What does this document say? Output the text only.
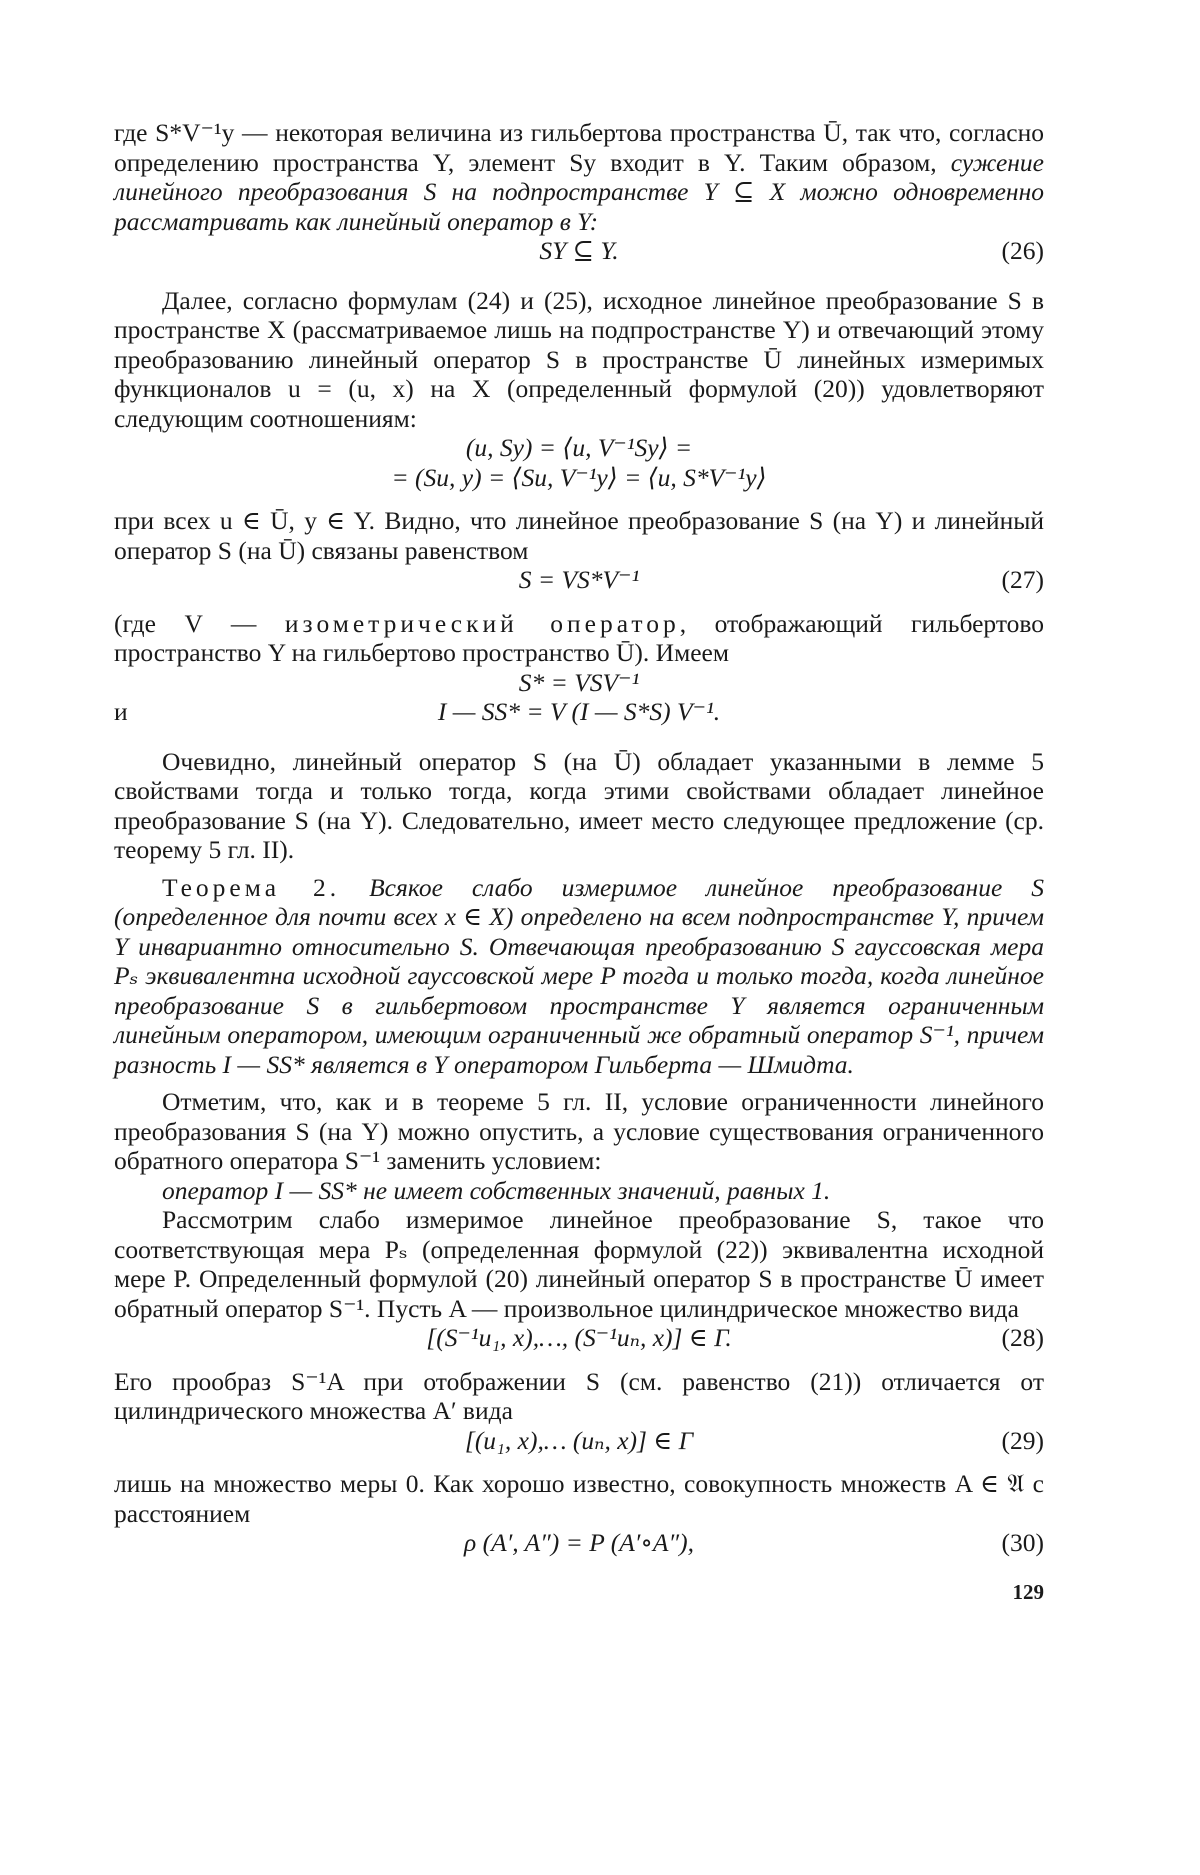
где S*V⁻¹y — некоторая величина из гильбертова пространства Ū, так что, согласно определению пространства Y, элемент Sy входит в Y. Таким образом, сужение линейного преобразования S на подпространстве Y ⊆ X можно одновременно рассматривать как линейный оператор в Y:

SY ⊆ Y.	(26)

Далее, согласно формулам (24) и (25), исходное линейное преобразование S в пространстве X (рассматриваемое лишь на подпространстве Y) и отвечающий этому преобразованию линейный оператор S в пространстве Ū линейных измеримых функционалов u = (u, x) на X (определенный формулой (20)) удовлетворяют следующим соотношениям:

(u, Sy) = ⟨u, V⁻¹Sy⟩ =

= (Su, y) = ⟨Su, V⁻¹y⟩ = ⟨u, S*V⁻¹y⟩

при всех u ∈ Ū, y ∈ Y. Видно, что линейное преобразование S (на Y) и линейный оператор S (на Ū) связаны равенством

S = VS*V⁻¹	(27)

(где V — изометрический оператор, отображающий гильбертово пространство Y на гильбертово пространство Ū). Имеем

S* = VSV⁻¹

и	I — SS* = V (I — S*S) V⁻¹.

Очевидно, линейный оператор S (на Ū) обладает указанными в лемме 5 свойствами тогда и только тогда, когда этими свойствами обладает линейное преобразование S (на Y). Следовательно, имеет место следующее предложение (ср. теорему 5 гл. II).

Теорема 2. Всякое слабо измеримое линейное преобразование S (определенное для почти всех x ∈ X) определено на всем подпространстве Y, причем Y инвариантно относительно S. Отвечающая преобразованию S гауссовская мера Pₛ эквивалентна исходной гауссовской мере P тогда и только тогда, когда линейное преобразование S в гильбертовом пространстве Y является ограниченным линейным оператором, имеющим ограниченный же обратный оператор S⁻¹, причем разность I — SS* является в Y оператором Гильберта — Шмидта.

Отметим, что, как и в теореме 5 гл. II, условие ограниченности линейного преобразования S (на Y) можно опустить, а условие существования ограниченного обратного оператора S⁻¹ заменить условием:

оператор I — SS* не имеет собственных значений, равных 1.

Рассмотрим слабо измеримое линейное преобразование S, такое что соответствующая мера Pₛ (определенная формулой (22)) эквивалентна исходной мере P. Определенный формулой (20) линейный оператор S в пространстве Ū имеет обратный оператор S⁻¹. Пусть A — произвольное цилиндрическое множество вида

[(S⁻¹u₁, x),…, (S⁻¹uₙ, x)] ∈ Γ.	(28)

Его прообраз S⁻¹A при отображении S (см. равенство (21)) отличается от цилиндрического множества A′ вида

[(u₁, x),… (uₙ, x)] ∈ Γ	(29)

лишь на множество меры 0. Как хорошо известно, совокупность множеств A ∈ 𝔄 с расстоянием

ρ (A′, A″) = P (A′∘A″),	(30)

129
